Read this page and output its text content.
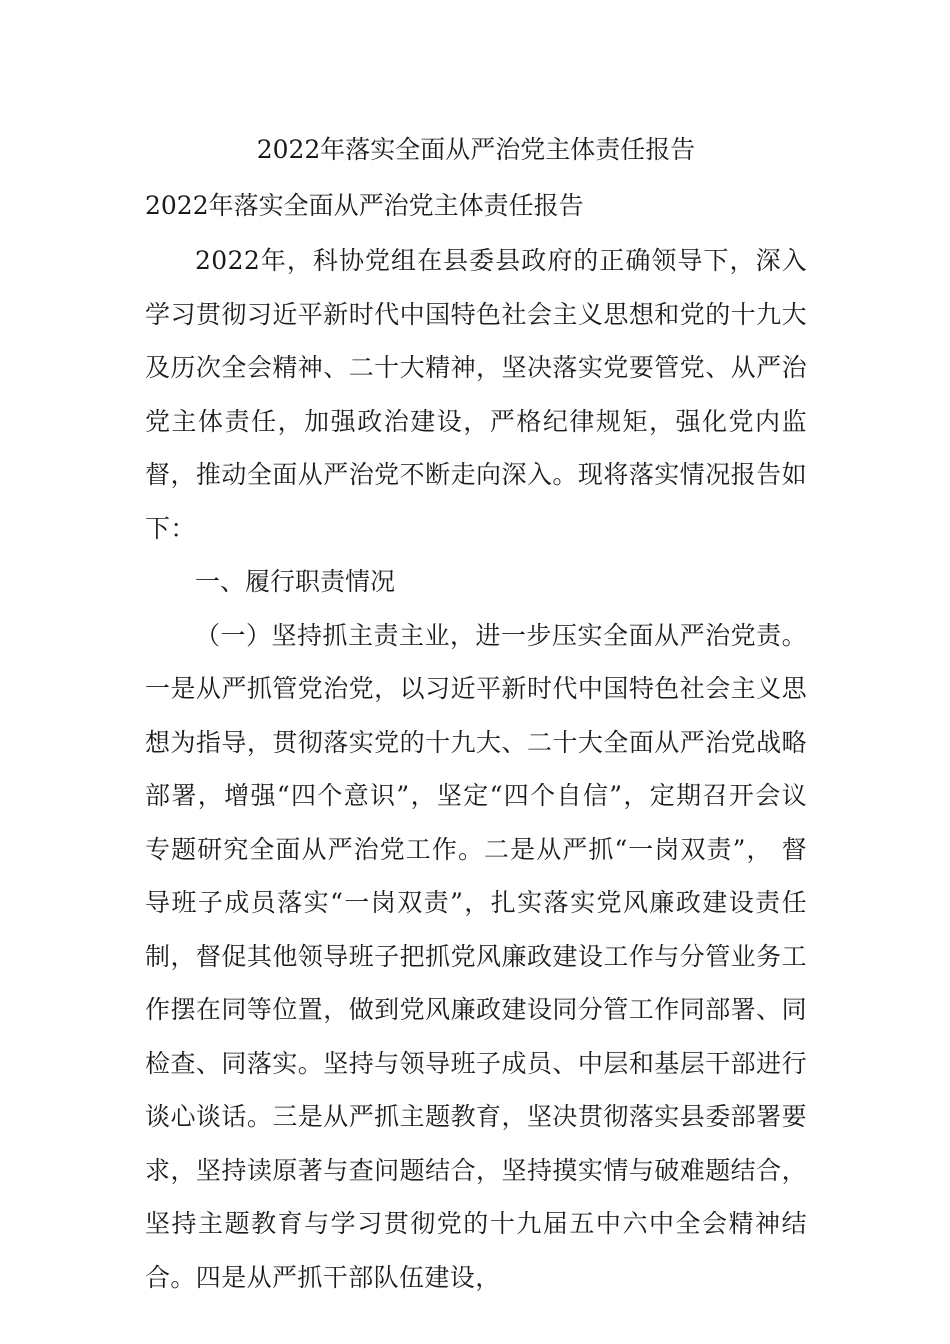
2022年落实全面从严治党主体责任报告
2022年落实全面从严治党主体责任报告

2022年，科协党组在县委县政府的正确领导下，深入学习贯彻习近平新时代中国特色社会主义思想和党的十九大及历次全会精神、二十大精神，坚决落实党要管党、从严治党主体责任，加强政治建设，严格纪律规矩，强化党内监督，推动全面从严治党不断走向深入。现将落实情况报告如下：

一、履行职责情况

（一）坚持抓主责主业，进一步压实全面从严治党责。一是从严抓管党治党，以习近平新时代中国特色社会主义思想为指导，贯彻落实党的十九大、二十大全面从严治党战略部署，增强“四个意识”，坚定“四个自信”，定期召开会议专题研究全面从严治党工作。二是从严抓“一岗双责”， 督导班子成员落实“一岗双责”，扎实落实党风廉政建设责任制，督促其他领导班子把抓党风廉政建设工作与分管业务工作摆在同等位置，做到党风廉政建设同分管工作同部署、同检查、同落实。坚持与领导班子成员、中层和基层干部进行谈心谈话。三是从严抓主题教育，坚决贯彻落实县委部署要求，坚持读原著与查问题结合，坚持摸实情与破难题结合，坚持主题教育与学习贯彻党的十九届五中六中全会精神结合。四是从严抓干部队伍建设，
